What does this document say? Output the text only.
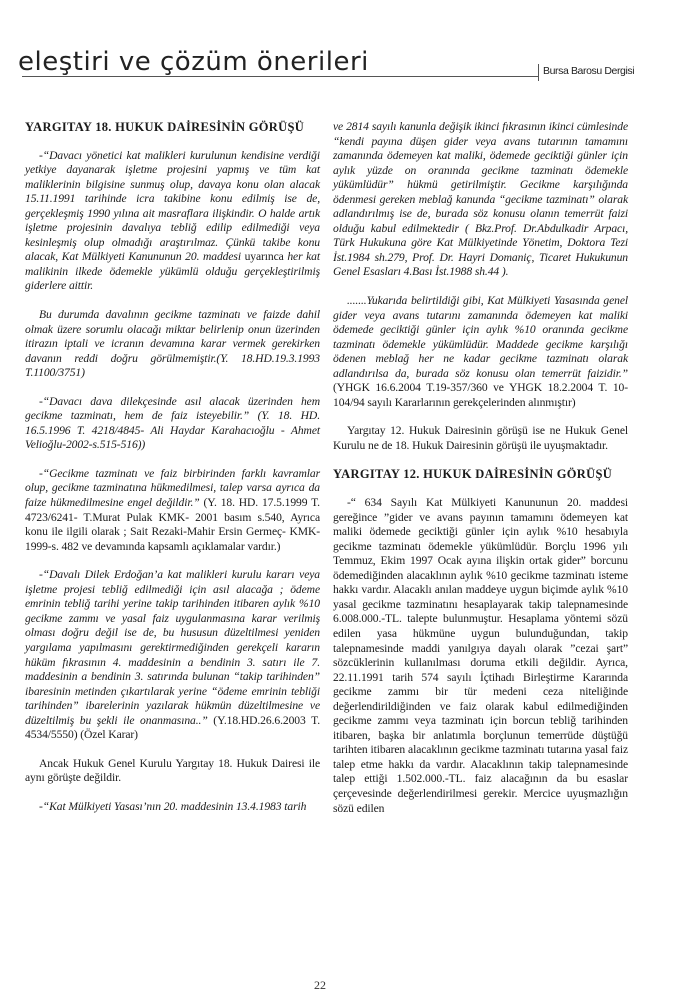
eleştiri ve çözüm önerileri	Bursa Barosu Dergisi
YARGITAY 18. HUKUK DAİRESİNİN GÖRÜŞÜ

-“Davacı yönetici kat malikleri kurulunun kendisine verdiği yetkiye dayanarak işletme projesini yapmış ve tüm kat maliklerinin bilgisine sunmuş olup, davaya konu olan alacak 15.11.1991 tarihinde icra takibine konu edilmiş ise de, gerçekleşmiş 1990 yılına ait masraflara ilişkindir. O halde artık işletme projesinin davalıya tebliğ edilip edilmediği veya kesinleşmiş olup olmadığı araştırılmaz. Çünkü takibe konu alacak, Kat Mülkiyeti Kanununun 20. maddesi uyarınca her kat malikinin ilkede ödemekle yükümlü olduğu gerçekleştirilmiş giderlere aittir.

Bu durumda davalının gecikme tazminatı ve faizde dahil olmak üzere sorumlu olacağı miktar belirlenip onun üzerinden itirazın iptali ve icranın devamına karar vermek gerekirken davanın reddi doğru görülmemiştir.(Y. 18.HD.19.3.1993 T.1100/3751)

-“Davacı dava dilekçesinde asıl alacak üzerinden hem gecikme tazminatı, hem de faiz isteyebilir.” (Y. 18. HD. 16.5.1996 T. 4218/4845- Ali Haydar Karahacıoğlu - Ahmet Velioğlu-2002-s.515-516))

-“Gecikme tazminatı ve faiz birbirinden farklı kavramlar olup, gecikme tazminatına hükmedilmesi, talep varsa ayrıca da faize hükmedilmesine engel değildir.” (Y. 18. HD. 17.5.1999 T. 4723/6241- T.Murat Pulak KMK- 2001 basım s.540, Ayrıca konu ile ilgili olarak ; Sait Rezaki-Mahir Ersin Germeç- KMK-1999-s. 482 ve devamında kapsamlı açıklamalar vardır.)

-“Davalı Dilek Erdoğan’a kat malikleri kurulu kararı veya işletme projesi tebliğ edilmediği için asıl alacağa ; ödeme emrinin tebliğ tarihi yerine takip tarihinden itibaren aylık %10 gecikme zammı ve yasal faiz uygulanmasına karar verilmiş olması doğru değil ise de, bu hususun düzeltilmesi yeniden yargılama yapılmasını gerektirmediğinden gerekçeli kararın hüküm fıkrasının 4. maddesinin a bendinin 3. satırı ile 7. maddesinin a bendinin 3. satırında bulunan “takip tarihinden” ibaresinin metinden çıkartılarak yerine “ödeme emrinin tebliği tarihinden” ibarelerinin yazılarak hükmün düzeltilmesine ve düzeltilmiş bu şekli ile onanmasına..” (Y.18.HD.26.6.2003 T. 4534/5550) (Özel Karar)

Ancak Hukuk Genel Kurulu Yargıtay 18. Hukuk Dairesi ile aynı görüşte değildir.

-“Kat Mülkiyeti Yasası’nın 20. maddesinin 13.4.1983 tarih

ve 2814 sayılı kanunla değişik ikinci fıkrasının ikinci cümlesinde “kendi payına düşen gider veya avans tutarının tamamını zamanında ödemeyen kat maliki, ödemede geciktiği günler için aylık yüzde on oranında gecikme tazminatı ödemekle yükümlüdür” hükmü getirilmiştir. Gecikme karşılığında ödenmesi gereken meblağ kanunda “gecikme tazminatı” olarak adlandırılmış ise de, burada söz konusu olanın temerrüt faizi olduğu kabul edilmektedir ( Bkz.Prof. Dr.Abdulkadir Arpacı, Türk Hukukuna göre Kat Mülkiyetinde Yönetim, Doktora Tezi İst.1984 sh.279, Prof. Dr. Hayri Domaniç, Ticaret Hukukunun Genel Esasları 4.Bası İst.1988 sh.44 ).

.......Yukarıda belirtildiği gibi, Kat Mülkiyeti Yasasında genel gider veya avans tutarını zamanında ödemeyen kat maliki ödemede geciktiği günler için aylık %10 oranında gecikme tazminatı ödemekle yükümlüdür. Maddede gecikme karşılığı ödenen meblağ her ne kadar gecikme tazminatı olarak adlandırılsa da, burada söz konusu olan temerrüt faizidir.” (YHGK 16.6.2004 T.19-357/360 ve YHGK 18.2.2004 T. 10-104/94 sayılı Kararlarının gerekçelerinden alınmıştır)

Yargıtay 12. Hukuk Dairesinin görüşü ise ne Hukuk Genel Kurulu ne de 18. Hukuk Dairesinin görüşü ile uyuşmaktadır.

YARGITAY 12. HUKUK DAİRESİNİN GÖRÜŞÜ

-“ 634 Sayılı Kat Mülkiyeti Kanununun 20. maddesi gereğince ”gider ve avans payının tamamını ödemeyen kat maliki ödemede geciktiği günler için aylık %10 hesabıyla gecikme tazminatı ödemekle yükümlüdür. Borçlu 1996 yılı Temmuz, Ekim 1997 Ocak ayına ilişkin ortak gider” borcunu ödemediğinden alacaklının aylık %10 gecikme tazminatı isteme hakkı vardır. Alacaklı anılan maddeye uygun biçimde aylık %10 yasal gecikme tazminatını hesaplayarak takip talepnamesinde 6.008.000.-TL. talepte bulunmuştur. Hesaplama yöntemi sözü edilen yasa hükmüne uygun bulunduğundan, takip talepnamesinde maddi yanılgıya dayalı olarak ”cezai şart” sözcüklerinin kullanılması doruma etkili değildir. Ayrıca, 22.11.1991 tarih 574 sayılı İçtihadı Birleştirme Kararında gecikme zammı bir tür medeni ceza niteliğinde değerlendirildiğinden ve faiz olarak kabul edilmediğinden gecikme zammı veya tazminatı için borcun tebliğ tarihinden itibaren, başka bir anlatımla borçlunun temerrüde düştüğü tarihten itibaren alacaklının gecikme tazminatı tutarına yasal faiz talep etme hakkı da vardır. Alacaklının takip talepnamesinde talep ettiği 1.502.000.-TL. faiz alacağının da bu esaslar çerçevesinde değerlendirilmesi gerekir. Mercice uyuşmazlığın sözü edilen

22
